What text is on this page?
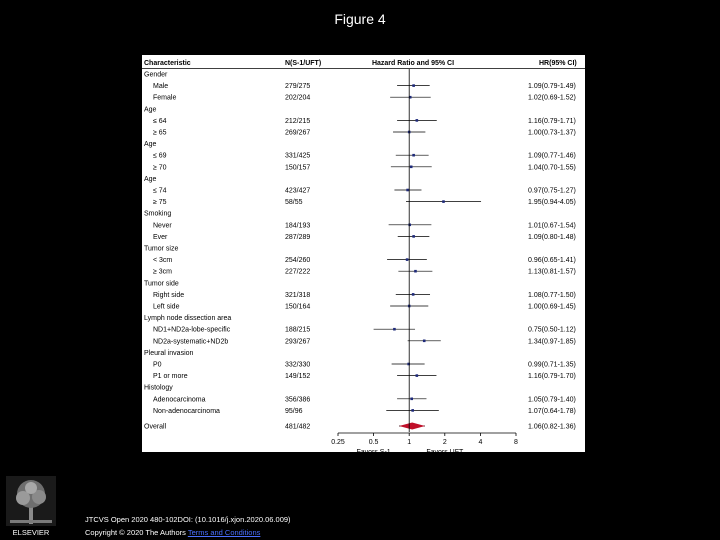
Figure 4
Characteristic	N(S-1/UFT)	Hazard Ratio and 95% CI	HR(95% CI)
Gender
Male	279/275	1.09(0.79-1.49)
Female	202/204	1.02(0.69-1.52)
Age
≤ 64	212/215	1.16(0.79-1.71)
≥ 65	269/267	1.00(0.73-1.37)
Age
≤ 69	331/425	1.09(0.77-1.46)
≥ 70	150/157	1.04(0.70-1.55)
Age
≤ 74	423/427	0.97(0.75-1.27)
≥ 75	58/55	1.95(0.94-4.05)
Smoking
Never	184/193	1.01(0.67-1.54)
Ever	287/289	1.09(0.80-1.48)
Tumor size
< 3cm	254/260	0.96(0.65-1.41)
≥ 3cm	227/222	1.13(0.81-1.57)
Tumor side
Right side	321/318	1.08(0.77-1.50)
Left side	150/164	1.00(0.69-1.45)
Lymph node dissection area
ND1+ND2a-lobe-specific	188/215	0.75(0.50-1.12)
ND2a-systematic+ND2b	293/267	1.34(0.97-1.85)
Pleural invasion
P0	332/330	0.99(0.71-1.35)
P1 or more	149/152	1.16(0.79-1.70)
Histology
Adenocarcinoma	356/386	1.05(0.79-1.40)
Non-adenocarcinoma	95/96	1.07(0.64-1.78)
Overall	481/482	1.06(0.82-1.36)
0.25	0.5	1	2	4	8
Favors S-1	Favors UFT
ELSEVIER
JTCVS Open 2020 480-102DOI: (10.1016/j.xjon.2020.06.009)
Copyright © 2020 The Authors Terms and Conditions
